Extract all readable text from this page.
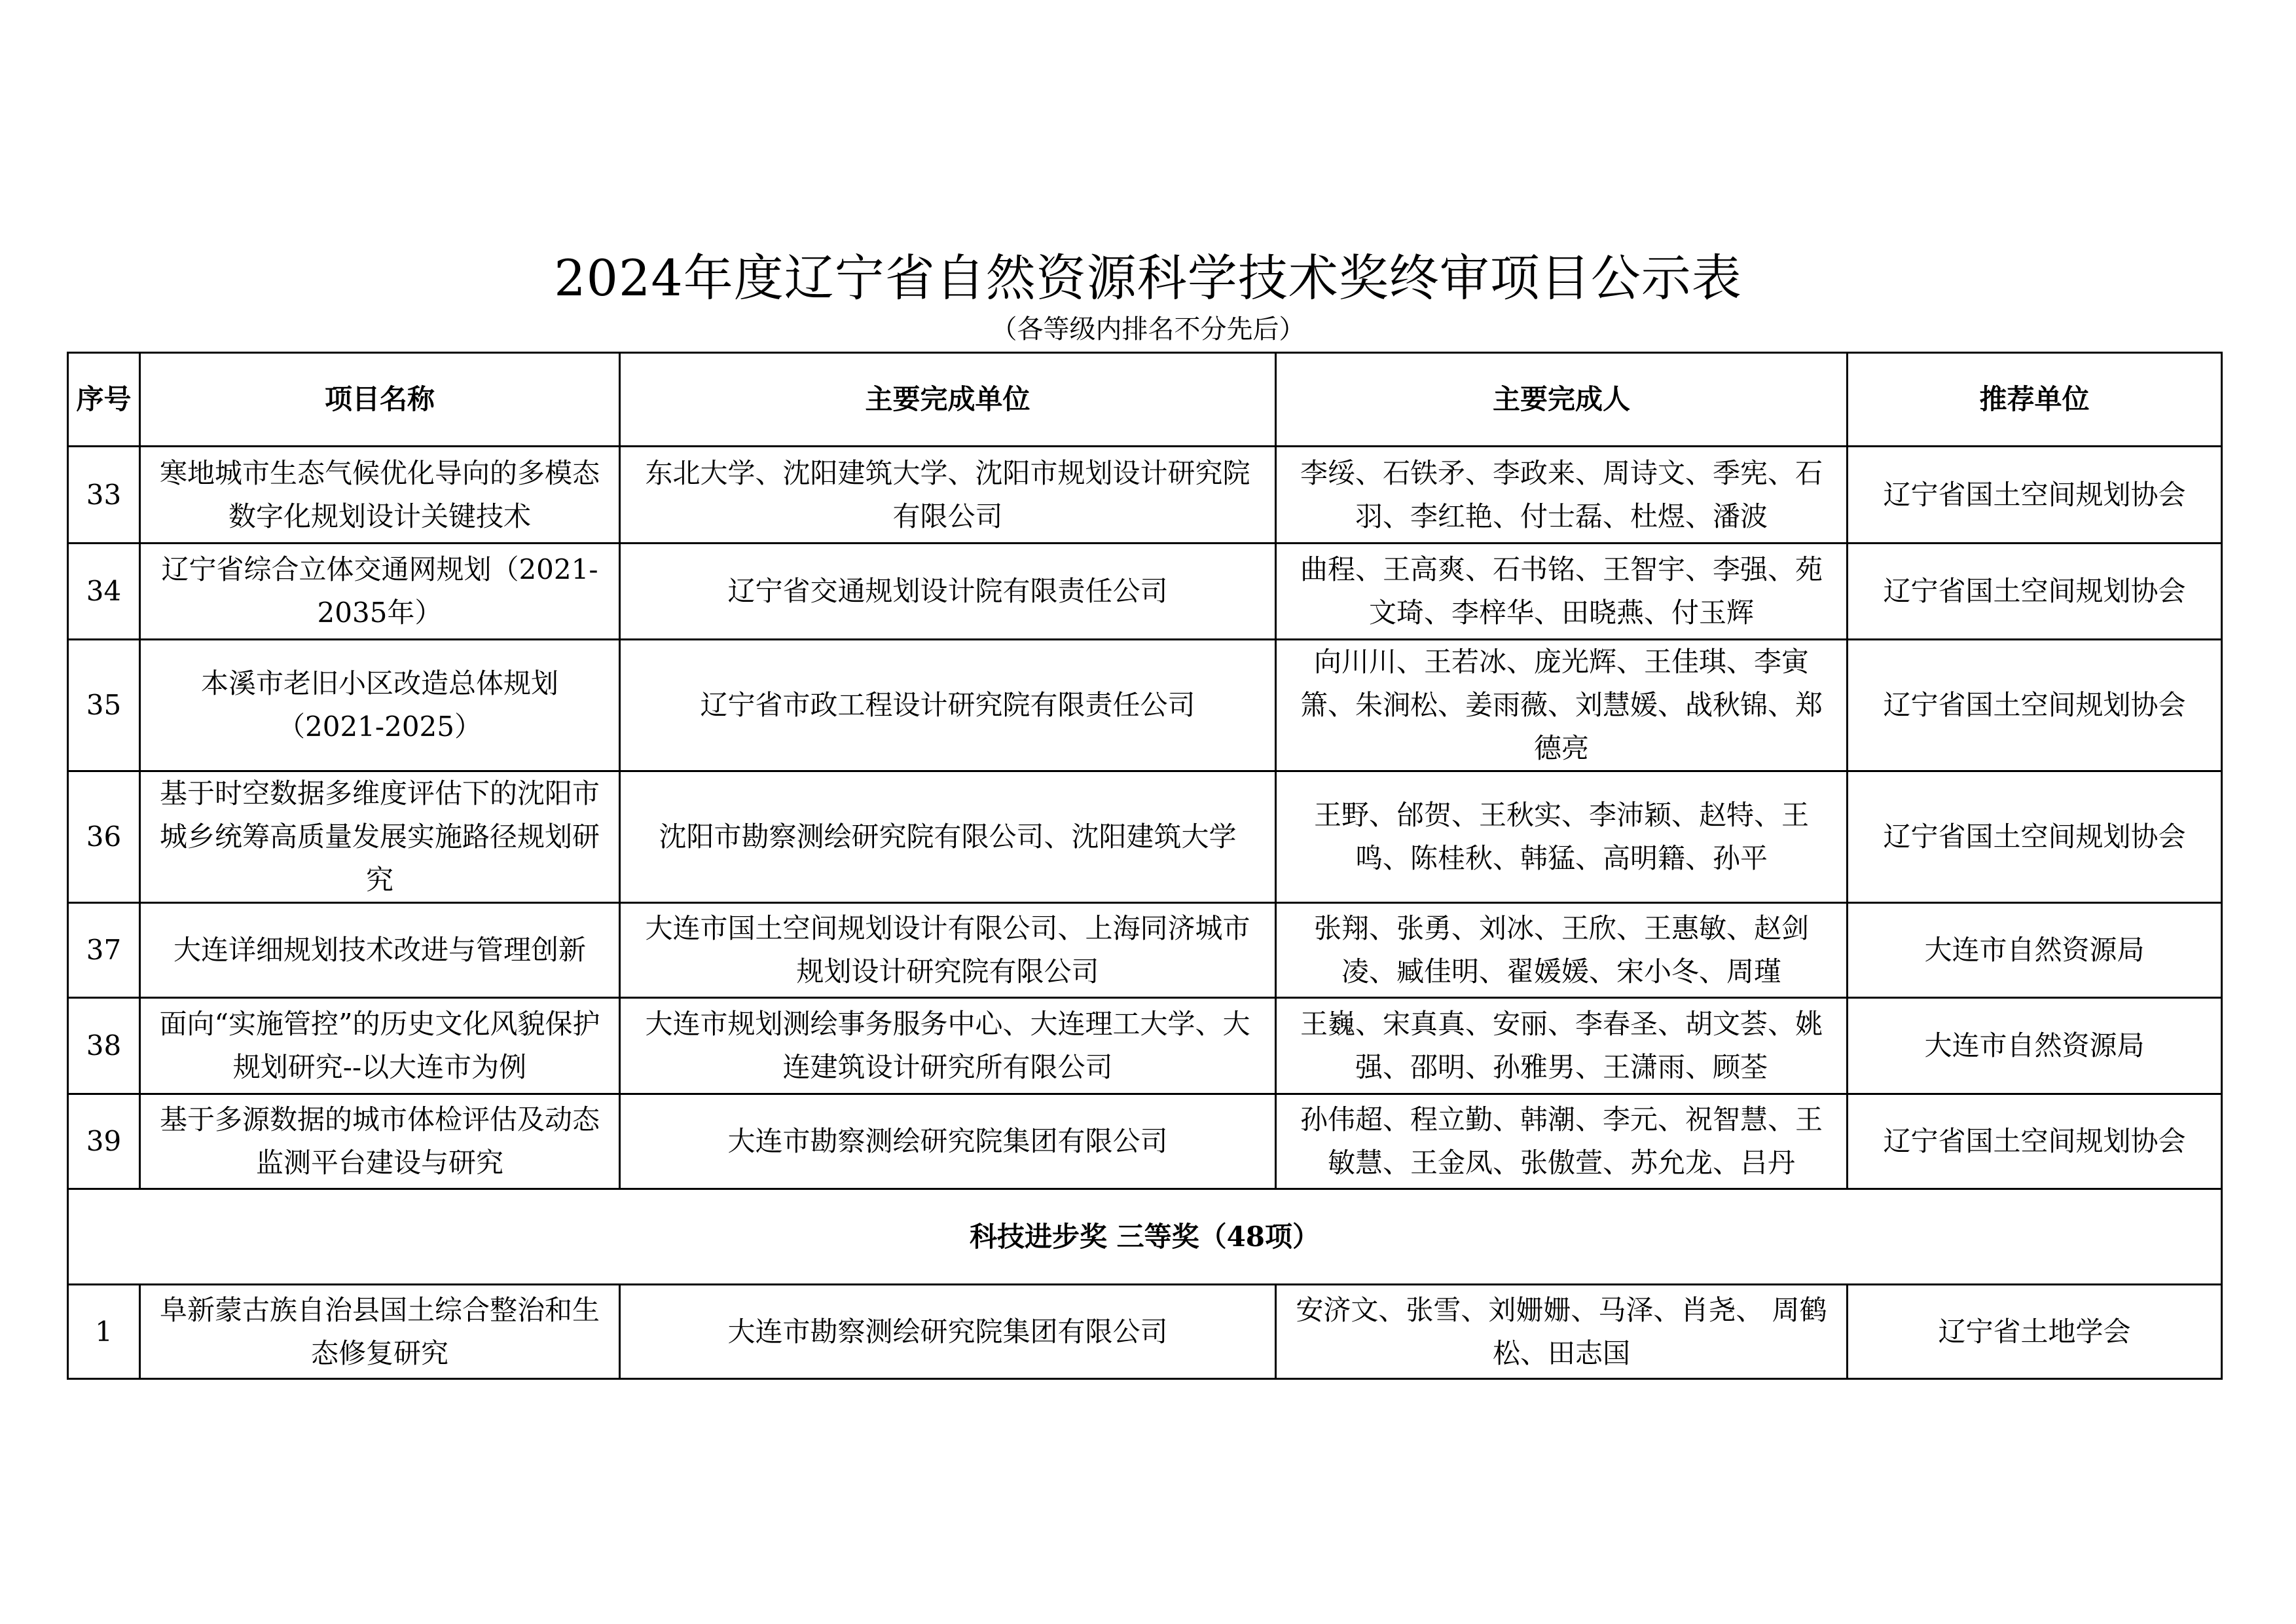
2024年度辽宁省自然资源科学技术奖终审项目公示表
（各等级内排名不分先后）
序号	项目名称	主要完成单位	主要完成人	推荐单位
33	寒地城市生态气候优化导向的多模态数字化规划设计关键技术	东北大学、沈阳建筑大学、沈阳市规划设计研究院有限公司	李绥、石铁矛、李政来、周诗文、季宪、石羽、李红艳、付士磊、杜煜、潘波	辽宁省国土空间规划协会
34	辽宁省综合立体交通网规划（2021-2035年）	辽宁省交通规划设计院有限责任公司	曲程、王高爽、石书铭、王智宇、李强、苑文琦、李梓华、田晓燕、付玉辉	辽宁省国土空间规划协会
35	本溪市老旧小区改造总体规划（2021-2025）	辽宁省市政工程设计研究院有限责任公司	向川川、王若冰、庞光辉、王佳琪、李寅箫、朱涧松、姜雨薇、刘慧媛、战秋锦、郑德亮	辽宁省国土空间规划协会
36	基于时空数据多维度评估下的沈阳市城乡统筹高质量发展实施路径规划研究	沈阳市勘察测绘研究院有限公司、沈阳建筑大学	王野、邰贺、王秋实、李沛颖、赵特、王鸣、陈桂秋、韩猛、高明籍、孙平	辽宁省国土空间规划协会
37	大连详细规划技术改进与管理创新	大连市国土空间规划设计有限公司、上海同济城市规划设计研究院有限公司	张翔、张勇、刘冰、王欣、王惠敏、赵剑凌、臧佳明、翟媛媛、宋小冬、周瑾	大连市自然资源局
38	面向“实施管控”的历史文化风貌保护规划研究--以大连市为例	大连市规划测绘事务服务中心、大连理工大学、大连建筑设计研究所有限公司	王巍、宋真真、安丽、李春圣、胡文荟、姚强、邵明、孙雅男、王潇雨、顾荃	大连市自然资源局
39	基于多源数据的城市体检评估及动态监测平台建设与研究	大连市勘察测绘研究院集团有限公司	孙伟超、程立勤、韩潮、李元、祝智慧、王敏慧、王金凤、张傲萱、苏允龙、吕丹	辽宁省国土空间规划协会
科技进步奖 三等奖（48项）				
1	阜新蒙古族自治县国土综合整治和生态修复研究	大连市勘察测绘研究院集团有限公司	安济文、张雪、刘姗姗、马泽、肖尧、 周鹤松、田志国	辽宁省土地学会
